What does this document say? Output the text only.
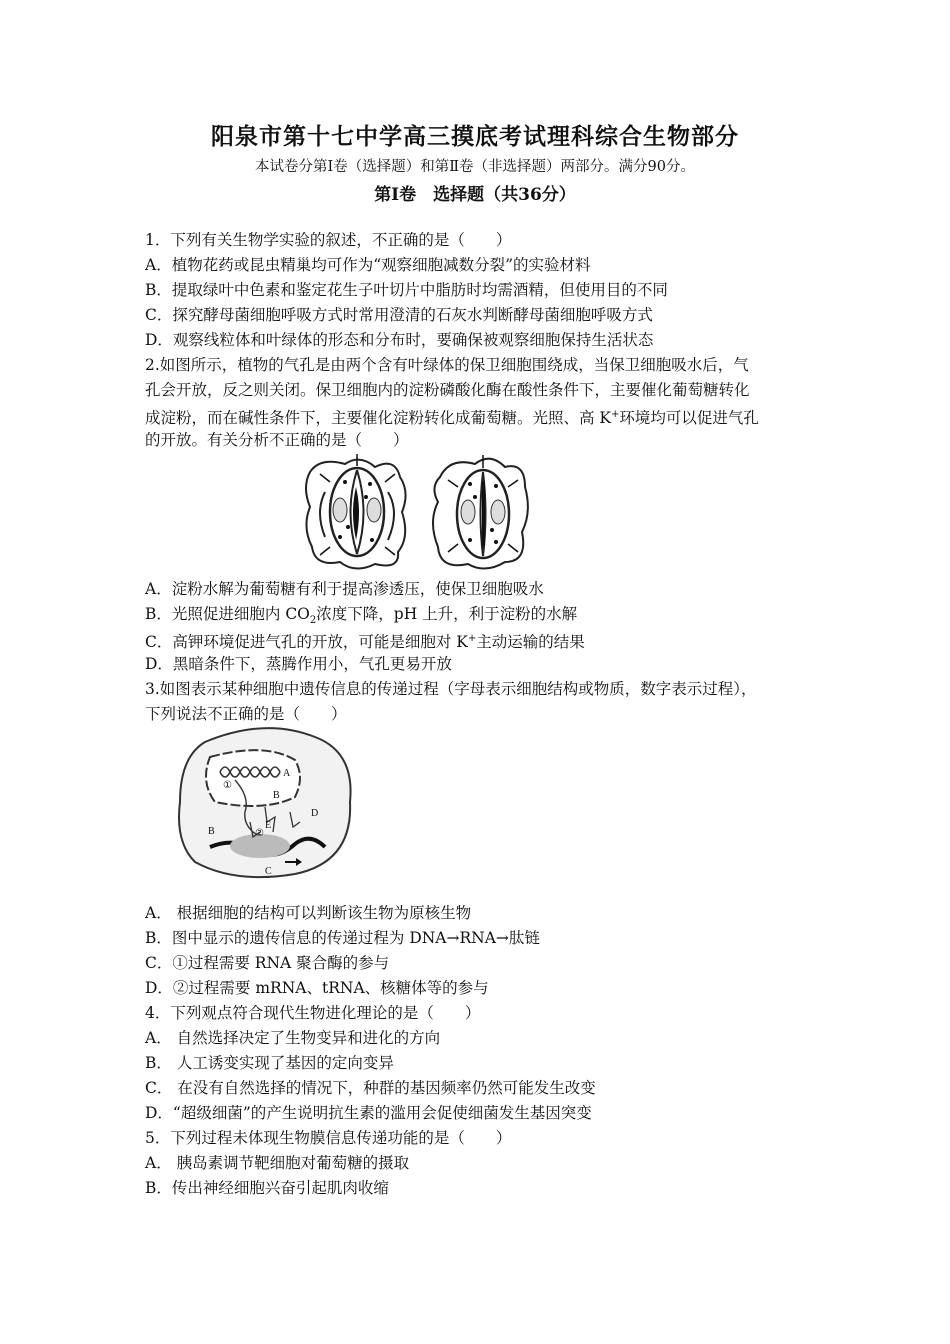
阳泉市第十七中学高三摸底考试理科综合生物部分
本试卷分第Ⅰ卷（选择题）和第Ⅱ卷（非选择题）两部分。满分90分。
第Ⅰ卷　选择题（共36分）
1．下列有关生物学实验的叙述，不正确的是（　　）
A．植物花药或昆虫精巢均可作为“观察细胞减数分裂”的实验材料
B．提取绿叶中色素和鉴定花生子叶切片中脂肪时均需酒精，但使用目的不同
C．探究酵母菌细胞呼吸方式时常用澄清的石灰水判断酵母菌细胞呼吸方式
D．观察线粒体和叶绿体的形态和分布时，要确保被观察细胞保持生活状态
2.如图所示，植物的气孔是由两个含有叶绿体的保卫细胞围绕成，当保卫细胞吸水后，气
孔会开放，反之则关闭。保卫细胞内的淀粉磷酸化酶在酸性条件下，主要催化葡萄糖转化
成淀粉，而在碱性条件下，主要催化淀粉转化成葡萄糖。光照、高 K+环境均可以促进气孔
的开放。有关分析不正确的是（　　）
A．淀粉水解为葡萄糖有利于提高渗透压，使保卫细胞吸水
B．光照促进细胞内 $CO_2$浓度下降，pH 上升，利于淀粉的水解
C．高钾环境促进气孔的开放，可能是细胞对 K+主动运输的结果
D．黑暗条件下，蒸腾作用小，气孔更易开放
3.如图表示某种细胞中遗传信息的传递过程（字母表示细胞结构或物质，数字表示过程），
下列说法不正确的是（　　）
A
B
①
D
E
B	②
C
A． 根据细胞的结构可以判断该生物为原核生物
B．图中显示的遗传信息的传递过程为 DNA→RNA→肽链
C．①过程需要 RNA 聚合酶的参与
D．②过程需要 mRNA、tRNA、核糖体等的参与
4．下列观点符合现代生物进化理论的是（　　）
A． 自然选择决定了生物变异和进化的方向
B． 人工诱变实现了基因的定向变异
C． 在没有自然选择的情况下，种群的基因频率仍然可能发生改变
D．“超级细菌”的产生说明抗生素的滥用会促使细菌发生基因突变
5．下列过程未体现生物膜信息传递功能的是（　　）
A． 胰岛素调节靶细胞对葡萄糖的摄取
B．传出神经细胞兴奋引起肌肉收缩
